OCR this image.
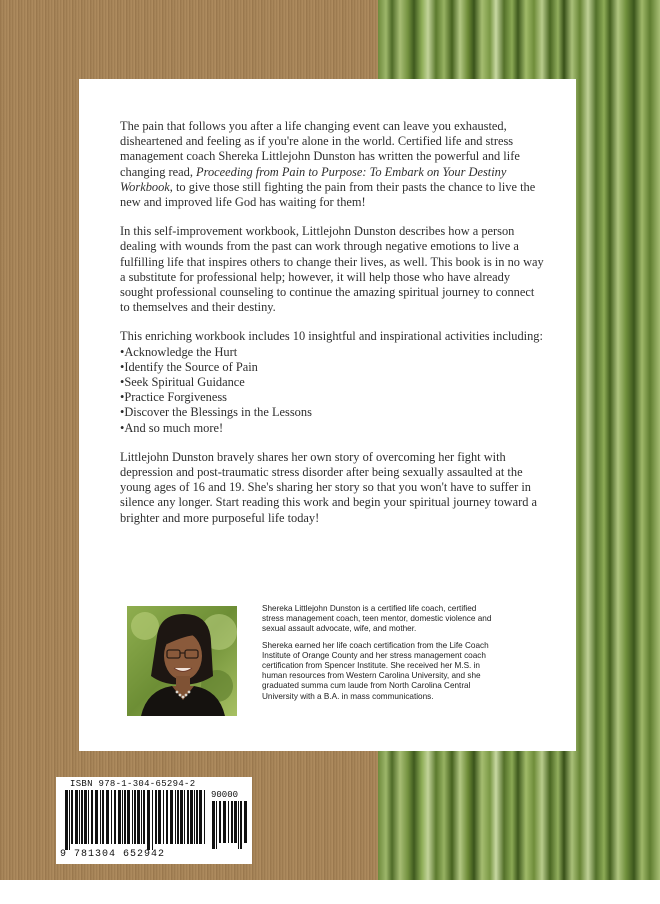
The pain that follows you after a life changing event can leave you exhausted, disheartened and feeling as if you're alone in the world. Certified life and stress management coach Shereka Littlejohn Dunston has written the powerful and life changing read, Proceeding from Pain to Purpose: To Embark on Your Destiny Workbook, to give those still fighting the pain from their pasts the chance to live the new and improved life God has waiting for them!

In this self-improvement workbook, Littlejohn Dunston describes how a person dealing with wounds from the past can work through negative emotions to live a fulfilling life that inspires others to change their lives, as well. This book is in no way a substitute for professional help; however, it will help those who have already sought professional counseling to continue the amazing spiritual journey to connect to themselves and their destiny.

This enriching workbook includes 10 insightful and inspirational activities including:
•Acknowledge the Hurt
•Identify the Source of Pain
•Seek Spiritual Guidance
•Practice Forgiveness
•Discover the Blessings in the Lessons
•And so much more!

Littlejohn Dunston bravely shares her own story of overcoming her fight with depression and post-traumatic stress disorder after being sexually assaulted at the young ages of 16 and 19. She's sharing her story so that you won't have to suffer in silence any longer. Start reading this work and begin your spiritual journey toward a brighter and more purposeful life today!

Shereka Littlejohn Dunston is a certified life coach, certified stress management coach, teen mentor, domestic violence and sexual assault advocate, wife, and mother.

Shereka earned her life coach certification from the Life Coach Institute of Orange County and her stress management coach certification from Spencer Institute. She received her M.S. in human resources from Western Carolina University, and she graduated summa cum laude from North Carolina Central University with a B.A. in mass communications.

ISBN 978-1-304-65294-2
90000
9 781304 652942
